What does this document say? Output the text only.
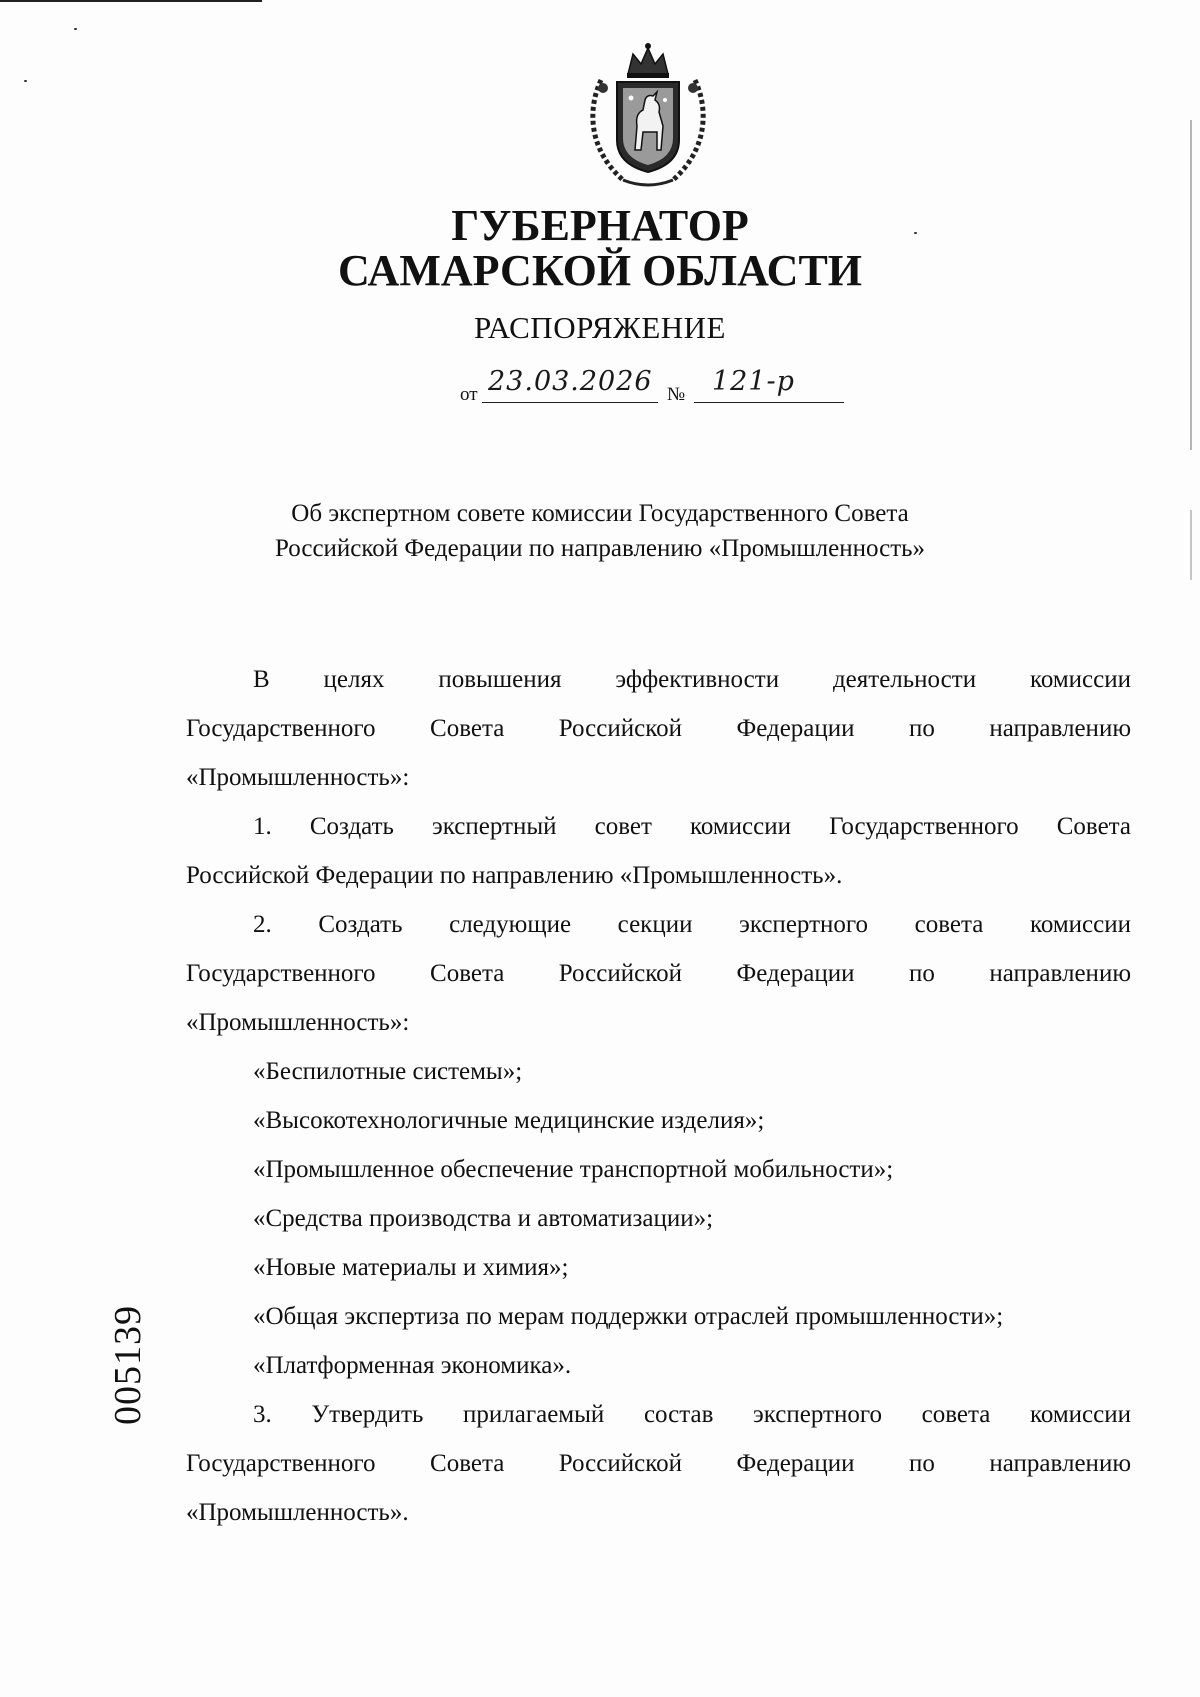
ГУБЕРНАТОР
САМАРСКОЙ ОБЛАСТИ
РАСПОРЯЖЕНИЕ
от 23.03.2026 № 121-р
Об экспертном совете комиссии Государственного Совета
Российской Федерации по направлению «Промышленность»

В целях повышения эффективности деятельности комиссии

Государственного Совета Российской Федерации по направлению

«Промышленность»:

1. Создать экспертный совет комиссии Государственного Совета

Российской Федерации по направлению «Промышленность».

2. Создать следующие секции экспертного совета комиссии

Государственного Совета Российской Федерации по направлению

«Промышленность»:

«Беспилотные системы»;

«Высокотехнологичные медицинские изделия»;

«Промышленное обеспечение транспортной мобильности»;

«Средства производства и автоматизации»;

«Новые материалы и химия»;

«Общая экспертиза по мерам поддержки отраслей промышленности»;

«Платформенная экономика».

3. Утвердить прилагаемый состав экспертного совета комиссии

Государственного Совета Российской Федерации по направлению

«Промышленность».

005139
